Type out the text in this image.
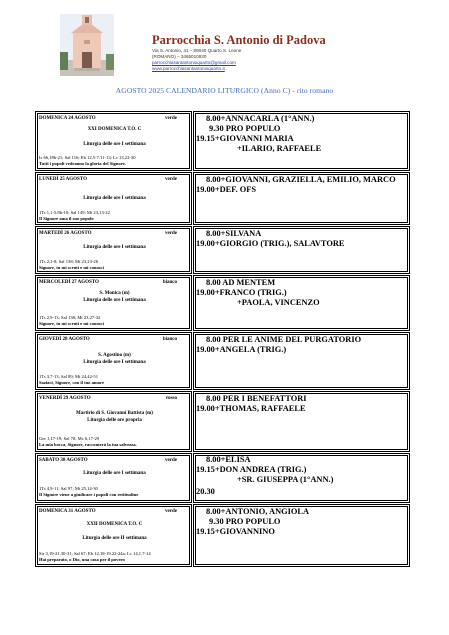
Parrocchia S. Antonio di Padova
Via S. Antonio, 41 – 89040 Quarto S. Leone
(ROMANO) – 3465010930
parrocchiasantantonioquarto@gmail.com
www.parrocchiasantantonioquarto.it
AGOSTO 2025 CALENDARIO LITURGICO (Anno C) - rito romano
DOMENICA 24 AGOSTO	verde
XXI DOMENICA T.O. C
Liturgia delle ore I settimana
Is 66,18b-21; Sal 116; Eb 12,5-7.11-13; Lc 13,22-30
Tutti i popoli vedranno la gloria del Signore.
8.00+ANNACARLA (1°ANN.)
9.30 PRO POPULO
19.15+GIOVANNI MARIA
+ILARIO, RAFFAELE
LUNEDÌ 25 AGOSTO	verde
Liturgia delle ore I settimana
1Ts 1,1-5.8b-10; Sal 149; Mt 23,13-22
Il Signore ama il suo popolo
8.00+GIOVANNI, GRAZIELLA, EMILIO, MARCO
19.00+DEF. OFS
MARTEDÌ 26 AGOSTO	verde
Liturgia delle ore I settimana
1Ts 2,1-8; Sal 138; Mt 23,23-26
Signore, tu mi scruti e mi conosci
8.00+SILVANA
19.00+GIORGIO (TRIG.), SALAVTORE
MERCOLEDÌ 27 AGOSTO	bianco
S. Monica (m)
Liturgia delle ore I settimana
1Ts 2,9-13; Sal 138; Mt 23,27-32
Signore, tu mi scruti e mi conosci
8.00 AD MENTEM
19.00+FRANCO (TRIG.)
+PAOLA, VINCENZO
GIOVEDÌ 28 AGOSTO	bianco
S. Agostino (m)
Liturgia delle ore I settimana
1Ts 3,7-13; Sal 89; Mt 24,42-51
Saziaci, Signore, con il tuo amore
8.00 PER LE ANIME DEL PURGATORIO
19.00+ANGELA (TRIG.)
VENERDÌ 29 AGOSTO	rosso
Martirio di S. Giovanni Battista (m)
Liturgia delle ore propria
Ger 1,17-19; Sal 70; Mc 6,17-29
La mia bocca, Signore, racconterà la tua salvezza.
8.00 PER I BENEFATTORI
19.00+THOMAS, RAFFAELE
SABATO 30 AGOSTO	verde
Liturgia delle ore I settimana
1Ts 4,9-11; Sal 97; Mt 25,14-30
Il Signore viene a giudicare i popoli con rettitudine
8.00+ELISA
19.15+DON ANDREA (TRIG.)
+SR. GIUSEPPA (1°ANN.)
20.30
DOMENICA 31 AGOSTO	verde
XXII DOMENICA T.O. C
Liturgia delle ore II settimana
Sir 3,19-21.30-31; Sal 67; Eb 12,18-19.22-24a; Lc 14,1.7-14
Hai preparato, o Dio, una casa per il povero
8.00+ANTONIO, ANGIOLA
9.30 PRO POPULO
19.15+GIOVANNINO
